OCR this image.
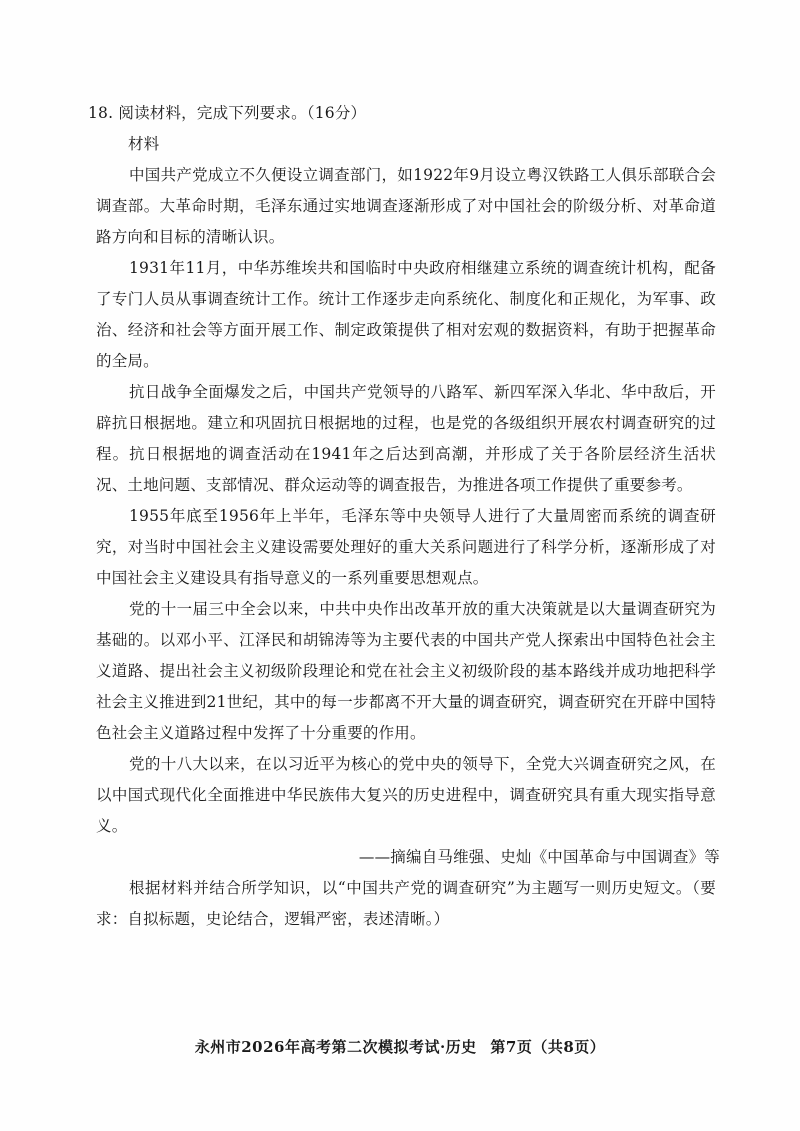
18. 阅读材料，完成下列要求。（16分）
材料

中国共产党成立不久便设立调查部门，如1922年9月设立粤汉铁路工人俱乐部联合会调查部。大革命时期，毛泽东通过实地调查逐渐形成了对中国社会的阶级分析、对革命道路方向和目标的清晰认识。

1931年11月，中华苏维埃共和国临时中央政府相继建立系统的调查统计机构，配备了专门人员从事调查统计工作。统计工作逐步走向系统化、制度化和正规化，为军事、政治、经济和社会等方面开展工作、制定政策提供了相对宏观的数据资料，有助于把握革命的全局。

抗日战争全面爆发之后，中国共产党领导的八路军、新四军深入华北、华中敌后，开辟抗日根据地。建立和巩固抗日根据地的过程，也是党的各级组织开展农村调查研究的过程。抗日根据地的调查活动在1941年之后达到高潮，并形成了关于各阶层经济生活状况、土地问题、支部情况、群众运动等的调查报告，为推进各项工作提供了重要参考。

1955年底至1956年上半年，毛泽东等中央领导人进行了大量周密而系统的调查研究，对当时中国社会主义建设需要处理好的重大关系问题进行了科学分析，逐渐形成了对中国社会主义建设具有指导意义的一系列重要思想观点。

党的十一届三中全会以来，中共中央作出改革开放的重大决策就是以大量调查研究为基础的。以邓小平、江泽民和胡锦涛等为主要代表的中国共产党人探索出中国特色社会主义道路、提出社会主义初级阶段理论和党在社会主义初级阶段的基本路线并成功地把科学社会主义推进到21世纪，其中的每一步都离不开大量的调查研究，调查研究在开辟中国特色社会主义道路过程中发挥了十分重要的作用。

党的十八大以来，在以习近平为核心的党中央的领导下，全党大兴调查研究之风，在以中国式现代化全面推进中华民族伟大复兴的历史进程中，调查研究具有重大现实指导意义。

——摘编自马维强、史灿《中国革命与中国调查》等

根据材料并结合所学知识，以“中国共产党的调查研究”为主题写一则历史短文。（要求：自拟标题，史论结合，逻辑严密，表述清晰。）

永州市2026年高考第二次模拟考试·历史 第7页（共8页）
